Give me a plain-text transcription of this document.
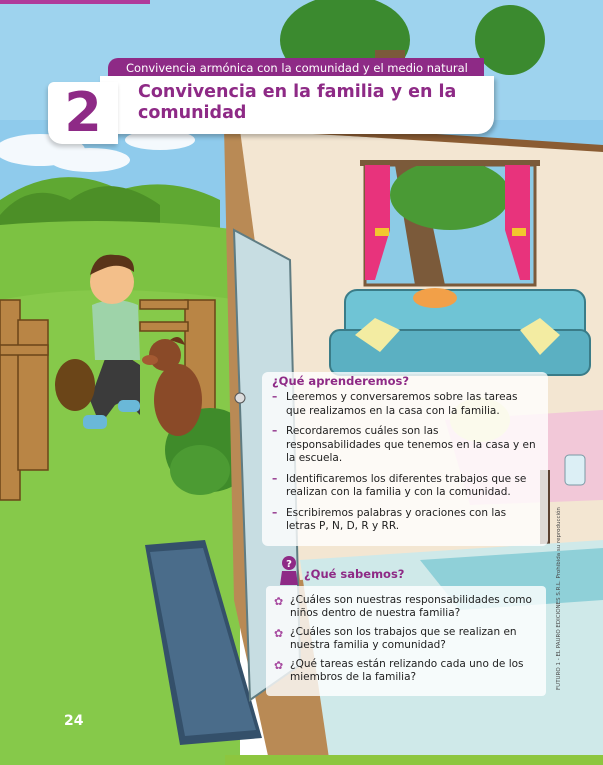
Convivencia armónica con la comunidad y el medio natural
2	Convivencia en la familia y en la comunidad
¿Qué aprenderemos?
– Leeremos y conversaremos sobre las tareas que realizamos en la casa con la familia.
– Recordaremos cuáles son las responsabilidades que tenemos en la casa y en la escuela.
– Identificaremos los diferentes trabajos que se realizan con la familia y con la comunidad.
– Escribiremos palabras y oraciones con las letras P, N, D, R y RR.
?
¿Qué sabemos?
✿ ¿Cuáles son nuestras responsabilidades como niños dentro de nuestra familia?
✿ ¿Cuáles son los trabajos que se realizan en nuestra familia y comunidad?
✿ ¿Qué tareas están relizando cada uno de los miembros de la familia?
24
FUTURO 1 - EL PAURO EDICIONES S.R.L. Prohibida su reproducción
